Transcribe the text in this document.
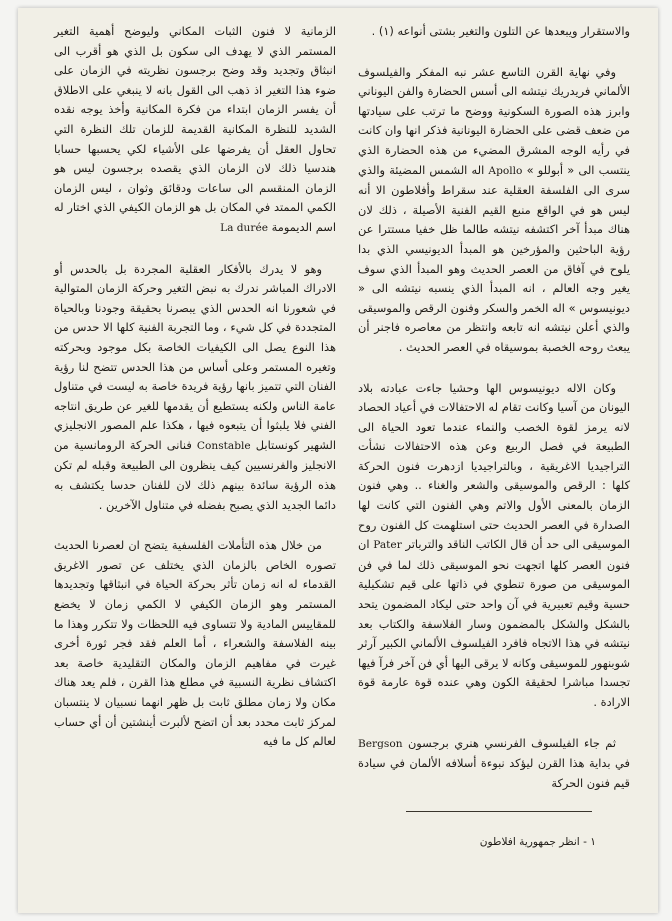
والاستقرار ويبعدها عن التلون والتغير بشتى أنواعه (١) .

وفي نهاية القرن التاسع عشر نبه المفكر والفيلسوف الألماني فريدريك نيتشه الى أسس الحضارة والفن اليوناني وابرز هذه الصورة السكونية ووضح ما ترتب على سيادتها من ضعف قضى على الحضارة اليونانية فذكر انها وان كانت في رأيه الوجه المشرق المضيء من هذه الحضارة الذي ينتسب الى « أبوللو » Apollo اله الشمس المضيئة والذي سرى الى الفلسفة العقلية عند سقراط وأفلاطون الا أنه ليس هو في الواقع منبع القيم الفنية الأصيلة ، ذلك لان هناك مبدأ آخر اكتشفه نيتشه طالما ظل خفيا مستترا عن رؤية الباحثين والمؤرخين هو المبدأ الديونيسي الذي بدا يلوح في آفاق من العصر الحديث وهو المبدأ الذي سوف يغير وجه العالم ، انه المبدأ الذي ينسبه نيتشه الى « ديونيسوس » اله الخمر والسكر وفنون الرقص والموسيقى والذي أعلن نيتشه انه تابعه وانتظر من معاصره فاجنر أن يبعث روحه الخصبة بموسيقاه في العصر الحديث .

وكان الاله ديونيسوس الها وحشيا جاءت عبادته بلاد اليونان من آسيا وكانت تقام له الاحتفالات في أعياد الحصاد لانه يرمز لقوة الخصب والنماء عندما تعود الحياة الى الطبيعة في فصل الربيع وعن هذه الاحتفالات نشأت التراجيديا الاغريقية ، وبالتراجيديا ازدهرت فنون الحركة كلها : الرقص والموسيقى والشعر والغناء .. وهي فنون الزمان بالمعنى الأول والاتم وهي الفنون التي كانت لها الصدارة في العصر الحديث حتى استلهمت كل الفنون روح الموسيقى الى حد أن قال الكاتب الناقد والترباتر Pater ان فنون العصر كلها اتجهت نحو الموسيقى ذلك لما في فن الموسيقى من صورة تنطوي في ذاتها على قيم تشكيلية حسية وقيم تعبيرية في آن واحد حتى ليكاد المضمون يتحد بالشكل والشكل بالمضمون وسار الفلاسفة والكتاب بعد نيتشه في هذا الاتجاه فافرد الفيلسوف الألماني الكبير آرثر شوبنهور للموسيقى وكانه لا يرقى اليها أي فن آخر فرآ فيها تجسدا مباشرا لحقيقة الكون وهي عنده قوة عارمة قوة الارادة .

ثم جاء الفيلسوف الفرنسي هنري برجسون Bergson في بداية هذا القرن ليؤكد نبوءة أسلافه الألمان في سيادة قيم فنون الحركة

الزمانية لا فنون الثبات المكاني وليوضح أهمية التغير المستمر الذي لا يهدف الى سكون بل الذي هو أقرب الى انبثاق وتجديد وقد وضح برجسون نظريته في الزمان على ضوء هذا التغير اذ ذهب الى القول بانه لا ينبغي على الاطلاق أن يفسر الزمان ابتداء من فكرة المكانية وأخذ يوجه نقده الشديد للنظرة المكانية القديمة للزمان تلك النظرة التي تحاول العقل أن يفرضها على الأشياء لكي يحسبها حسابا هندسيا ذلك لان الزمان الذي يقصده برجسون ليس هو الزمان المنقسم الى ساعات ودقائق وثوان ، ليس الزمان الكمي الممتد في المكان بل هو الزمان الكيفي الذي اختار له اسم الديمومة La durée

وهو لا يدرك بالأفكار العقلية المجردة بل بالحدس أو الادراك المباشر ندرك به نبض التغير وحركة الزمان المتوالية في شعورنا انه الحدس الذي يبصرنا بحقيقة وجودنا وبالحياة المتجددة في كل شيء ، وما التجربة الفنية كلها الا حدس من هذا النوع يصل الى الكيفيات الخاصة بكل موجود وبحركته وتغيره المستمر وعلى أساس من هذا الحدس تتضح لنا رؤية الفنان التي تتميز بانها رؤية فريدة خاصة به ليست في متناول عامة الناس ولكنه يستطيع أن يقدمها للغير عن طريق انتاجه الفني فلا يلبثوا أن يتبعوه فيها ، هكذا علم المصور الانجليزي الشهير كونستابل Constable فنانى الحركة الرومانسية من الانجليز والفرنسيين كيف ينظرون الى الطبيعة وقبله لم تكن هذه الرؤية سائدة بينهم ذلك لان للفنان حدسا يكتشف به دائما الجديد الذي يصبح بفضله في متناول الآخرين .

من خلال هذه التأملات الفلسفية يتضح ان لعصرنا الحديث تصوره الخاص بالزمان الذي يختلف عن تصور الاغريق القدماء له انه زمان تأثر بحركة الحياة في انبثاقها وتجديدها المستمر وهو الزمان الكيفي لا الكمي زمان لا يخضع للمقاييس المادية ولا تتساوى فيه اللحظات ولا تتكرر وهذا ما بينه الفلاسفة والشعراء ، أما العلم فقد فجر ثورة أخرى غيرت في مفاهيم الزمان والمكان التقليدية خاصة بعد اكتشاف نظرية النسبية في مطلع هذا القرن ، فلم يعد هناك مكان ولا زمان مطلق ثابت بل ظهر انهما نسبيان لا ينتسبان لمركز ثابت محدد بعد أن اتضح لألبرت أينشتين أن أي حساب لعالم كل ما فيه

١ - انظر جمهورية افلاطون
